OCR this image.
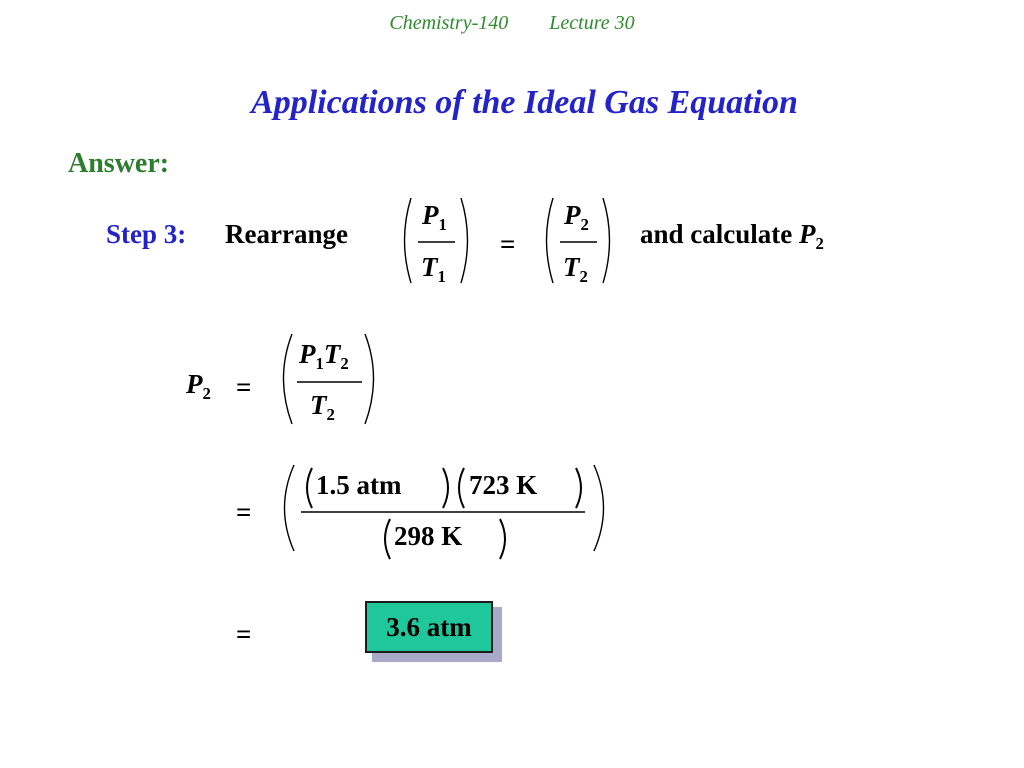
Chemistry-140 Lecture 30
Applications of the Ideal Gas Equation
Answer:
Step 3: Rearrange
$P_1$
$T_1$
=
$P_2$
$T_2$
and calculate $P_2$
$P_2$ =
$P_1T_2$
$T_2$
=
1.5 atm	723 K
298 K
=	3.6 atm
